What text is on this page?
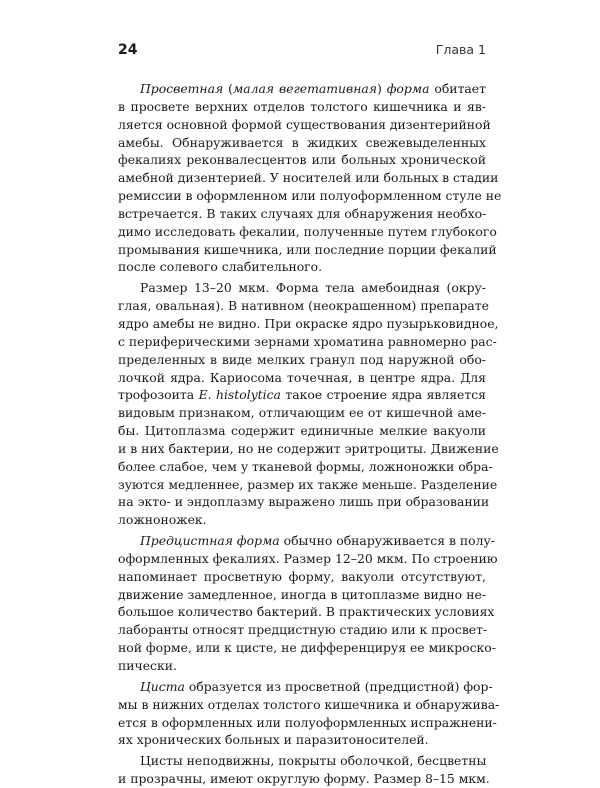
24	Глава 1
Просветная (малая вегетативная) форма обитает
в просвете верхних отделов толстого кишечника и яв-
ляется основной формой существования дизентерийной
амебы. Обнаруживается в жидких свежевыделенных
фекалиях реконвалесцентов или больных хронической
амебной дизентерией. У носителей или больных в стадии
ремиссии в оформленном или полуоформленном стуле не
встречается. В таких случаях для обнаружения необхо-
димо исследовать фекалии, полученные путем глубокого
промывания кишечника, или последние порции фекалий
после солевого слабительного.
Размер 13–20 мкм. Форма тела амебоидная (окру-
глая, овальная). В нативном (неокрашенном) препарате
ядро амебы не видно. При окраске ядро пузырьковидное,
с периферическими зернами хроматина равномерно рас-
пределенных в виде мелких гранул под наружной обо-
лочкой ядра. Кариосома точечная, в центре ядра. Для
трофозоита E. histolytica такое строение ядра является
видовым признаком, отличающим ее от кишечной аме-
бы. Цитоплазма содержит единичные мелкие вакуоли
и в них бактерии, но не содержит эритроциты. Движение
более слабое, чем у тканевой формы, ложноножки обра-
зуются медленнее, размер их также меньше. Разделение
на экто- и эндоплазму выражено лишь при образовании
ложноножек.
Предцистная форма обычно обнаруживается в полу-
оформленных фекалиях. Размер 12–20 мкм. По строению
напоминает просветную форму, вакуоли отсутствуют,
движение замедленное, иногда в цитоплазме видно не-
большое количество бактерий. В практических условиях
лаборанты относят предцистную стадию или к просвет-
ной форме, или к цисте, не дифференцируя ее микроско-
пически.
Циста образуется из просветной (предцистной) фор-
мы в нижних отделах толстого кишечника и обнаружива-
ется в оформленных или полуоформленных испражнени-
ях хронических больных и паразитоносителей.
Цисты неподвижны, покрыты оболочкой, бесцветны
и прозрачны, имеют округлую форму. Размер 8–15 мкм.
